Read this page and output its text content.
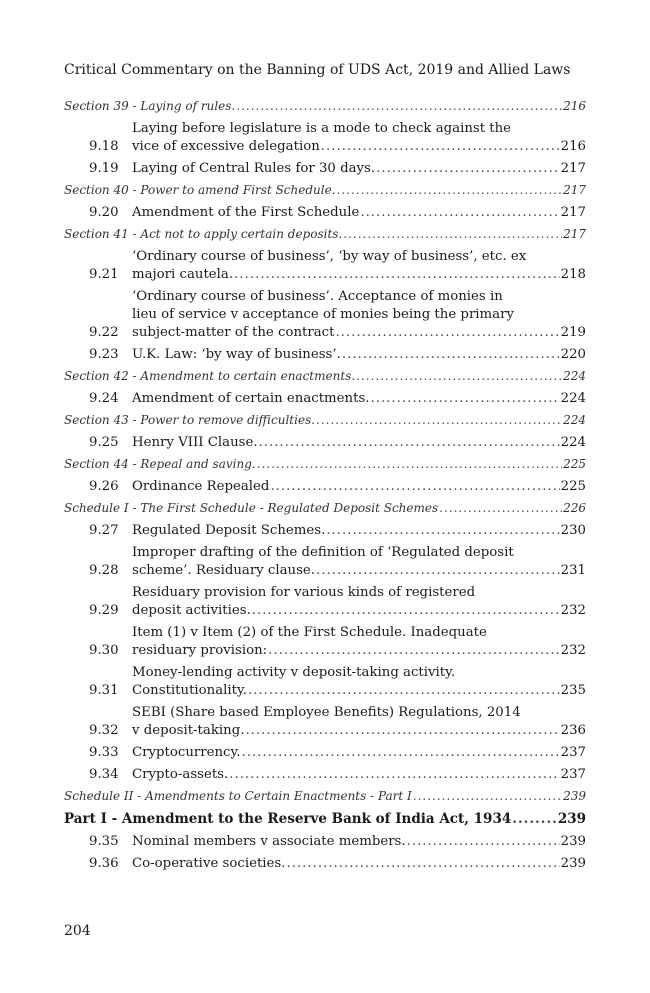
Critical Commentary on the Banning of UDS Act, 2019 and Allied Laws
Section 39 - Laying of rules. .....	216
9.18
Laying before legislature is a mode to check against the
vice of excessive delegation .....	216
9.19	Laying of Central Rules for 30 days. .....	217
Section 40 - Power to amend First Schedule. .....	217
9.20	Amendment of the First Schedule .....	217
Section 41 - Act not to apply certain deposits. .....	217
9.21
‘Ordinary course of business’, ‘by way of business’, etc. ex
majori cautela. .....	218
9.22
‘Ordinary course of business’. Acceptance of monies in
lieu of service v acceptance of monies being the primary
subject-matter of the contract .....	219
9.23	U.K. Law: ‘by way of business’. .....	220
Section 42 - Amendment to certain enactments. .....	224
9.24	Amendment of certain enactments. .....	224
Section 43 - Power to remove difficulties. .....	224
9.25	Henry VIII Clause. .....	224
Section 44 - Repeal and saving. .....	225
9.26	Ordinance Repealed .....	225
Schedule I - The First Schedule - Regulated Deposit Schemes .....	226
9.27	Regulated Deposit Schemes. .....	230
9.28
Improper drafting of the definition of ‘Regulated deposit
scheme’. Residuary clause. .....	231
9.29
Residuary provision for various kinds of registered
deposit activities. .....	232
9.30
Item (1) v Item (2) of the First Schedule. Inadequate
residuary provision: .....	232
9.31
Money-lending activity v deposit-taking activity.
Constitutionality. .....	235
9.32
SEBI (Share based Employee Benefits) Regulations, 2014
v deposit-taking. .....	236
9.33	Cryptocurrency. .....	237
9.34	Crypto-assets. .....	237
Schedule II - Amendments to Certain Enactments - Part I .....	239
Part I - Amendment to the Reserve Bank of India Act, 1934 .....	239
9.35	Nominal members v associate members. .....	239
9.36	Co-operative societies. .....	239
204
